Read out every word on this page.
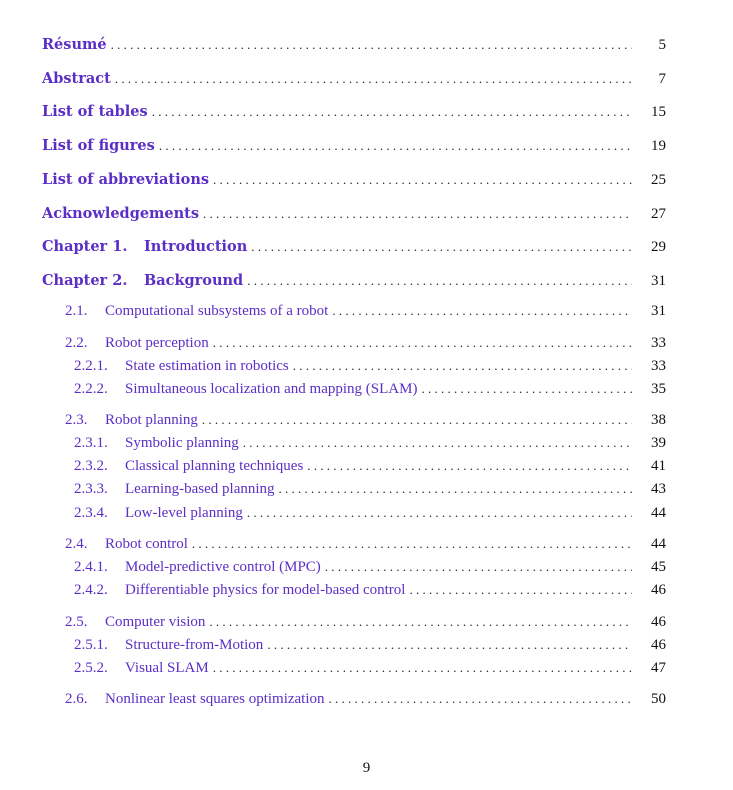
Résumé . . .	5
Abstract . . .	7
List of tables . . .	15
List of figures . . .	19
List of abbreviations . . .	25
Acknowledgements . . .	27
Chapter 1.	Introduction . . .	29
Chapter 2.	Background . . .	31
2.1.	Computational subsystems of a robot . . .	31
2.2.	Robot perception . . .	33
2.2.1.	State estimation in robotics . . .	33
2.2.2.	Simultaneous localization and mapping (SLAM) . . .	35
2.3.	Robot planning . . .	38
2.3.1.	Symbolic planning . . .	39
2.3.2.	Classical planning techniques . . .	41
2.3.3.	Learning-based planning . . .	43
2.3.4.	Low-level planning . . .	44
2.4.	Robot control . . .	44
2.4.1.	Model-predictive control (MPC) . . .	45
2.4.2.	Differentiable physics for model-based control . . .	46
2.5.	Computer vision . . .	46
2.5.1.	Structure-from-Motion . . .	46
2.5.2.	Visual SLAM . . .	47
2.6.	Nonlinear least squares optimization . . .	50
9
